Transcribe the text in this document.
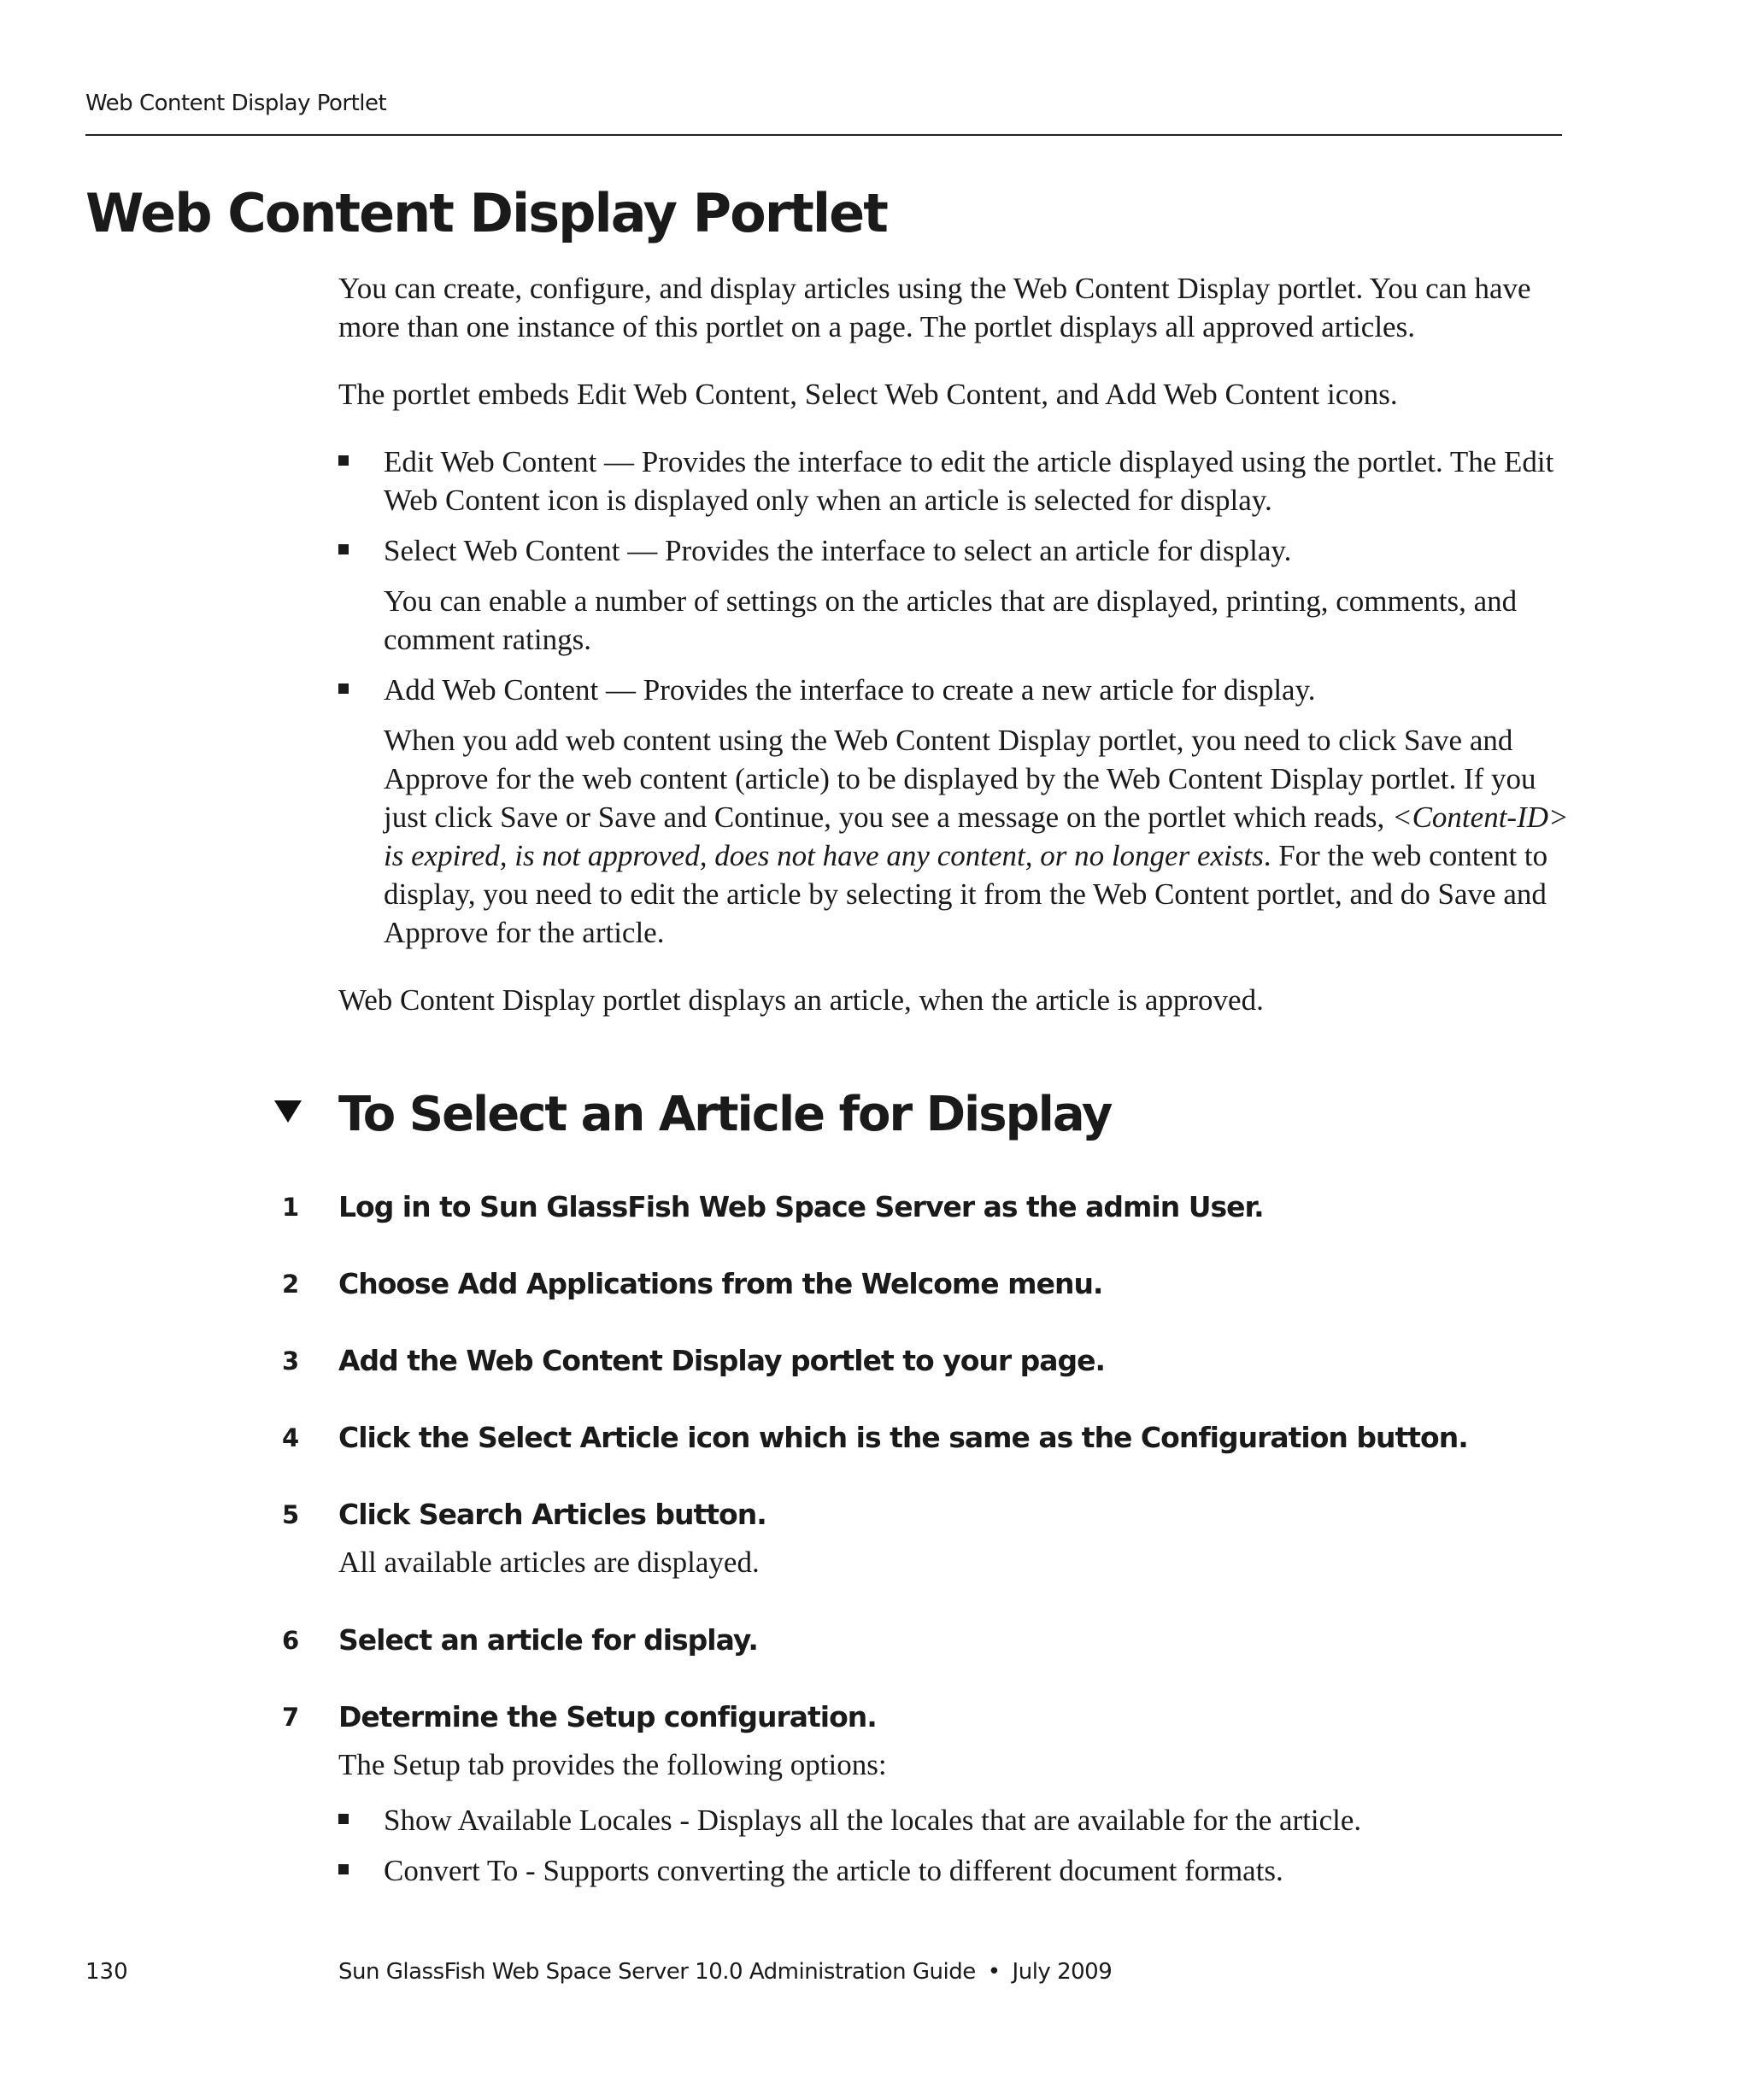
Web Content Display Portlet
Web Content Display Portlet

You can create, configure, and display articles using the Web Content Display portlet. You can have more than one instance of this portlet on a page. The portlet displays all approved articles.

The portlet embeds Edit Web Content, Select Web Content, and Add Web Content icons.

Edit Web Content — Provides the interface to edit the article displayed using the portlet. The Edit Web Content icon is displayed only when an article is selected for display.
Select Web Content — Provides the interface to select an article for display.

You can enable a number of settings on the articles that are displayed, printing, comments, and comment ratings.

Add Web Content — Provides the interface to create a new article for display.

When you add web content using the Web Content Display portlet, you need to click Save and Approve for the web content (article) to be displayed by the Web Content Display portlet. If you just click Save or Save and Continue, you see a message on the portlet which reads, <Content-ID> is expired, is not approved, does not have any content, or no longer exists. For the web content to display, you need to edit the article by selecting it from the Web Content portlet, and do Save and Approve for the article.

Web Content Display portlet displays an article, when the article is approved.

To Select an Article for Display
1 Log in to Sun GlassFish Web Space Server as the admin User.
2 Choose Add Applications from the Welcome menu.
3 Add the Web Content Display portlet to your page.
4 Click the Select Article icon which is the same as the Configuration button.
5 Click Search Articles button.
All available articles are displayed.
6 Select an article for display.
7 Determine the Setup configuration.
The Setup tab provides the following options:
Show Available Locales - Displays all the locales that are available for the article.
Convert To - Supports converting the article to different document formats.
130	Sun GlassFish Web Space Server 10.0 Administration Guide • July 2009
